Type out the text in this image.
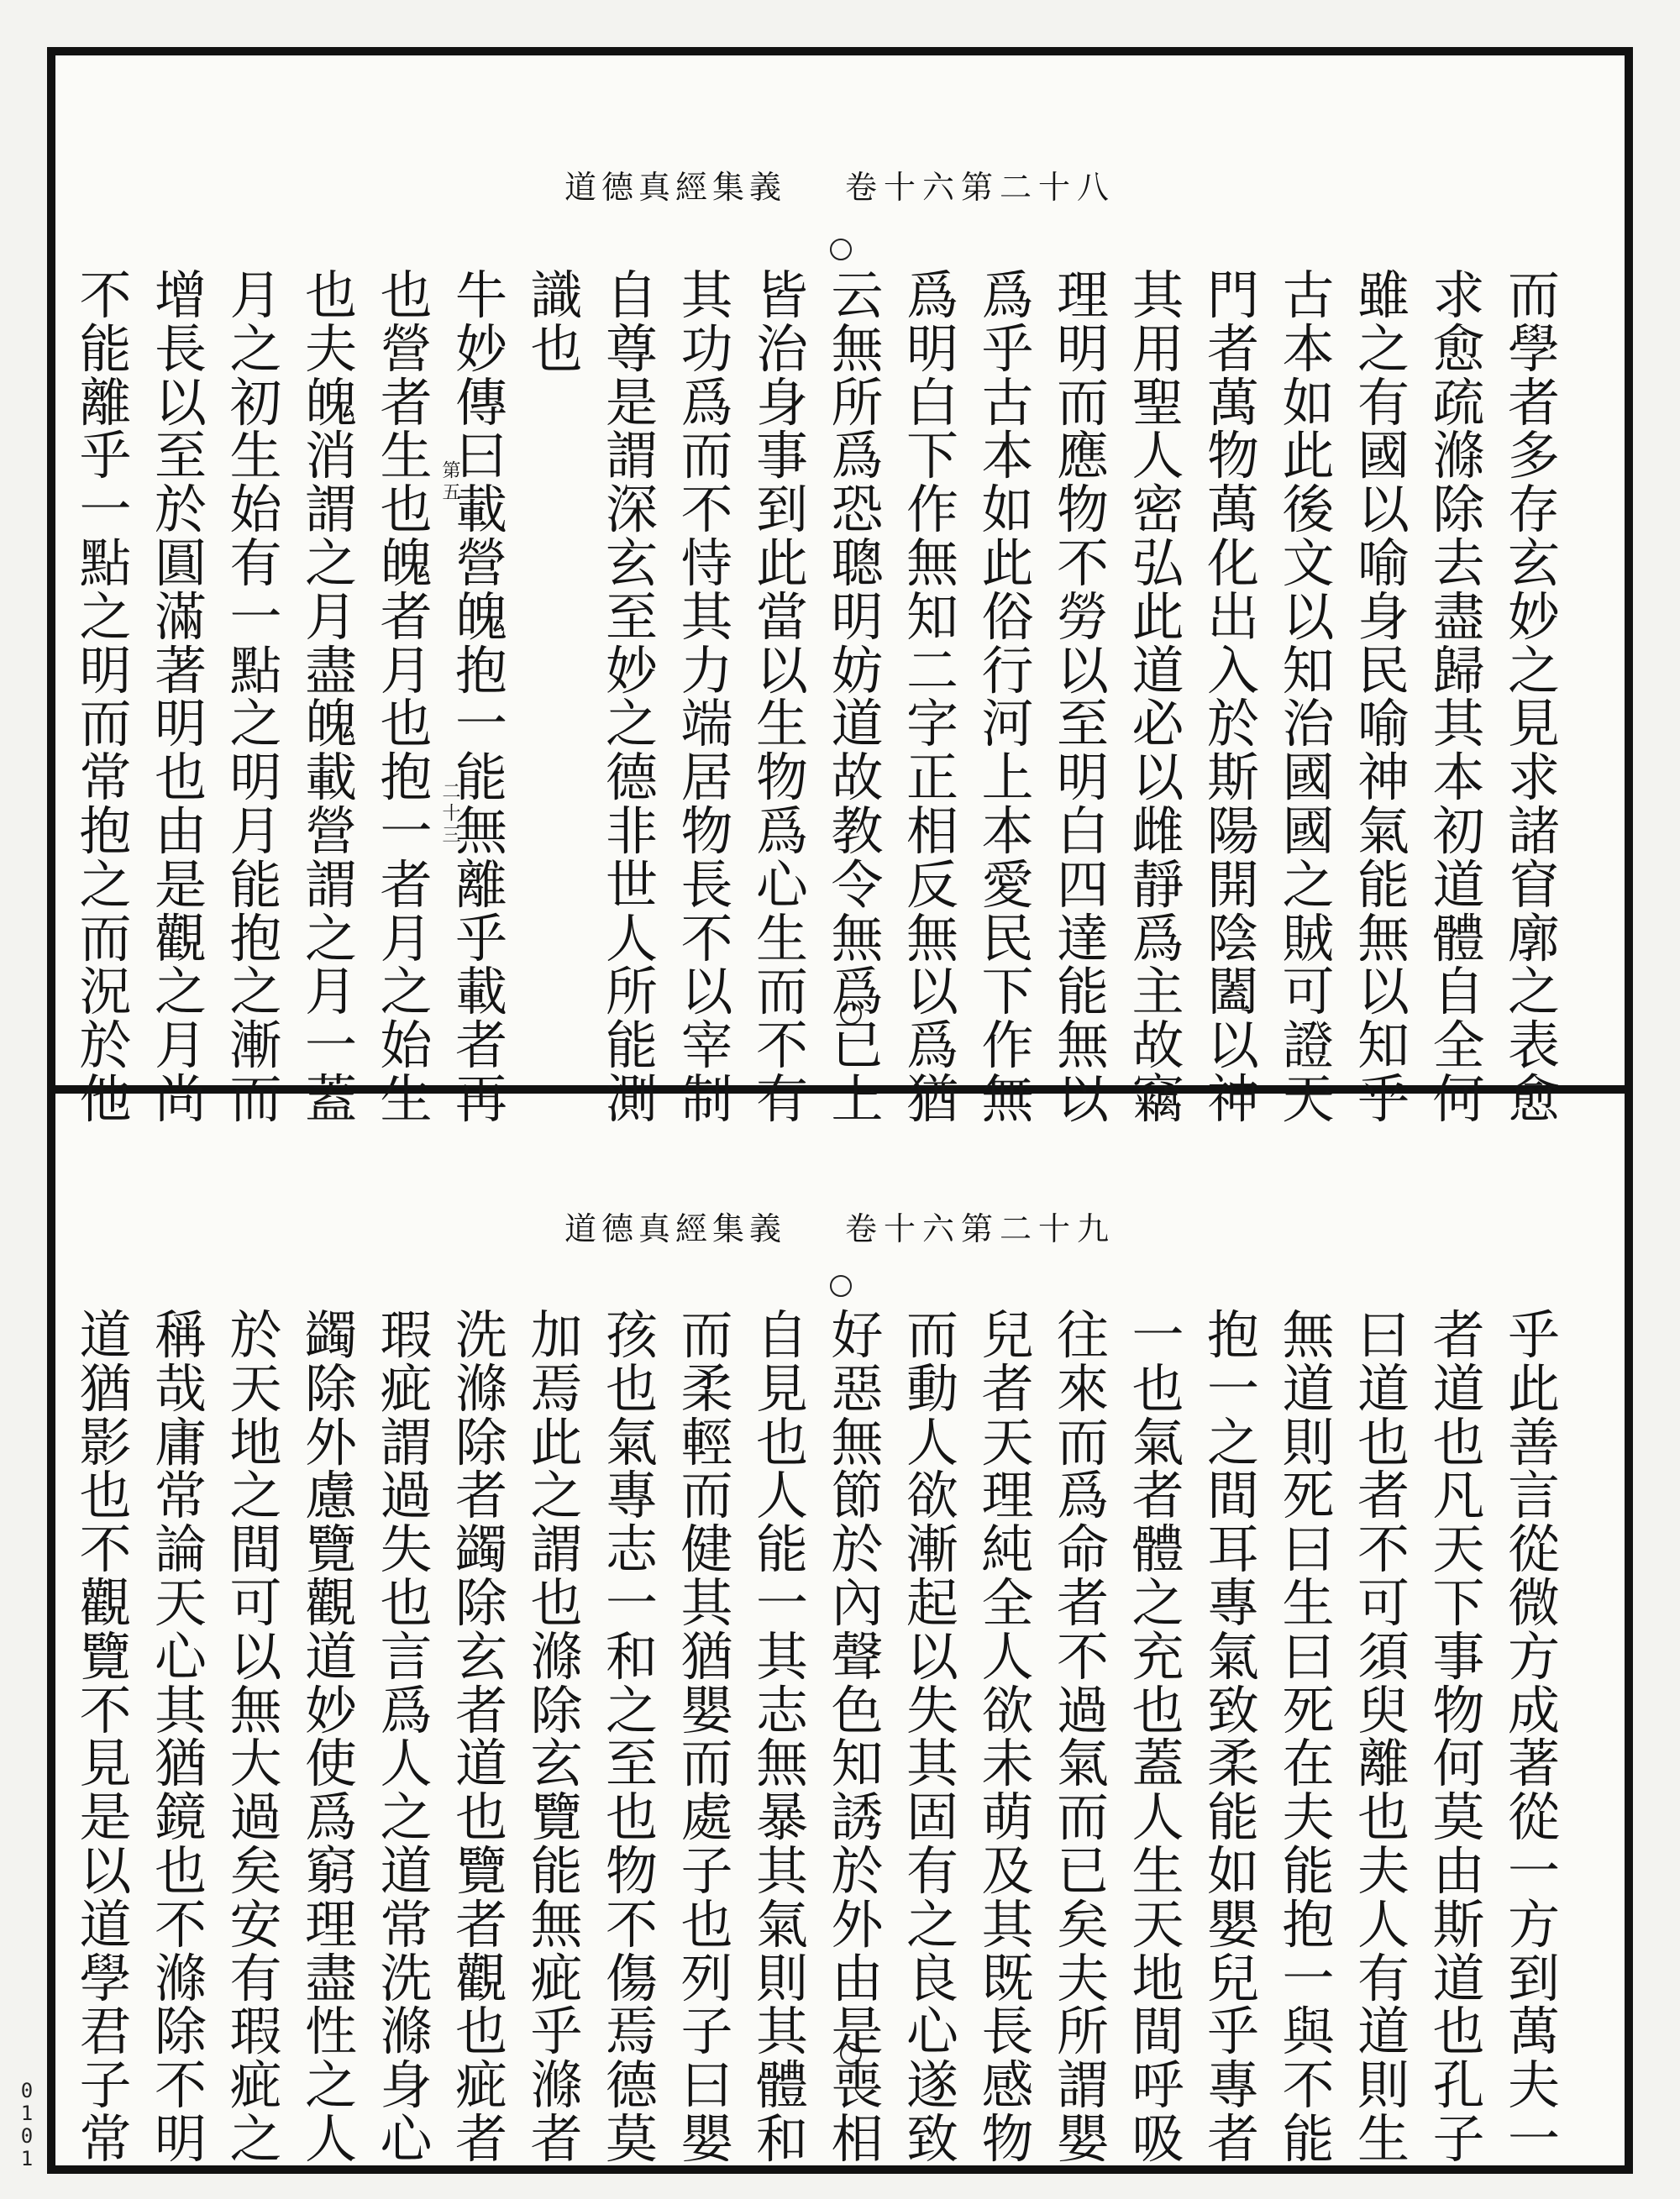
道德真經集義 卷十六第二十八
道德真經集義 卷十六第二十九
而
學
者
多
存
玄
妙
之
見
求
諸
窅
廓
之
表
愈
求
愈
疏
滌
除
去
盡
歸
其
本
初
道
體
自
全
何
雖
之
有
國
以
喻
身
民
喻
神
氣
能
無
以
知
乎
古
本
如
此
後
文
以
知
治
國
國
之
賊
可
證
天
門
者
萬
物
萬
化
出
入
於
斯
陽
開
陰
闔
以
神
其
用
聖
人
密
弘
此
道
必
以
雌
靜
爲
主
故
竊
理
明
而
應
物
不
勞
以
至
明
白
四
達
能
無
以
爲
乎
古
本
如
此
俗
行
河
上
本
愛
民
下
作
無
爲
明
白
下
作
無
知
二
字
正
相
反
無
以
爲
猶
云
無
所
爲
恐
聰
明
妨
道
故
教
令
無
爲
已
上
皆
治
身
事
到
此
當
以
生
物
爲
心
生
而
不
有
其
功
爲
而
不
恃
其
力
端
居
物
長
不
以
宰
制
自
尊
是
謂
深
玄
至
妙
之
德
非
世
人
所
能
測
識
也
牛
妙
傳
曰
載
營
魄
抱
一
能
無
離
乎
載
者
再
也
營
者
生
也
魄
者
月
也
抱
一
者
月
之
始
生
也
夫
魄
消
謂
之
月
盡
魄
載
營
謂
之
月
一
蓋
月
之
初
生
始
有
一
點
之
明
月
能
抱
之
漸
而
增
長
以
至
於
圓
滿
著
明
也
由
是
觀
之
月
尚
不
能
離
乎
一
點
之
明
而
常
抱
之
而
況
於
他
第
五
二
十
三
乎
此
善
言
從
微
方
成
著
從
一
方
到
萬
夫
一
者
道
也
凡
天
下
事
物
何
莫
由
斯
道
也
孔
子
曰
道
也
者
不
可
須
臾
離
也
夫
人
有
道
則
生
無
道
則
死
曰
生
曰
死
在
夫
能
抱
一
與
不
能
抱
一
之
間
耳
專
氣
致
柔
能
如
嬰
兒
乎
專
者
一
也
氣
者
體
之
充
也
蓋
人
生
天
地
間
呼
吸
往
來
而
爲
命
者
不
過
氣
而
已
矣
夫
所
謂
嬰
兒
者
天
理
純
全
人
欲
未
萌
及
其
既
長
感
物
而
動
人
欲
漸
起
以
失
其
固
有
之
良
心
遂
致
好
惡
無
節
於
內
聲
色
知
誘
於
外
由
是
喪
相
自
見
也
人
能
一
其
志
無
暴
其
氣
則
其
體
和
而
柔
輕
而
健
其
猶
嬰
而
處
子
也
列
子
曰
嬰
孩
也
氣
專
志
一
和
之
至
也
物
不
傷
焉
德
莫
加
焉
此
之
謂
也
滌
除
玄
覽
能
無
疵
乎
滌
者
洗
滌
除
者
蠲
除
玄
者
道
也
覽
者
觀
也
疵
者
瑕
疵
謂
過
失
也
言
爲
人
之
道
常
洗
滌
身
心
蠲
除
外
慮
覽
觀
道
妙
使
爲
窮
理
盡
性
之
人
於
天
地
之
間
可
以
無
大
過
矣
安
有
瑕
疵
之
稱
哉
庸
常
論
天
心
其
猶
鏡
也
不
滌
除
不
明
道
猶
影
也
不
觀
覽
不
見
是
以
道
學
君
子
常
0
1
0
1
